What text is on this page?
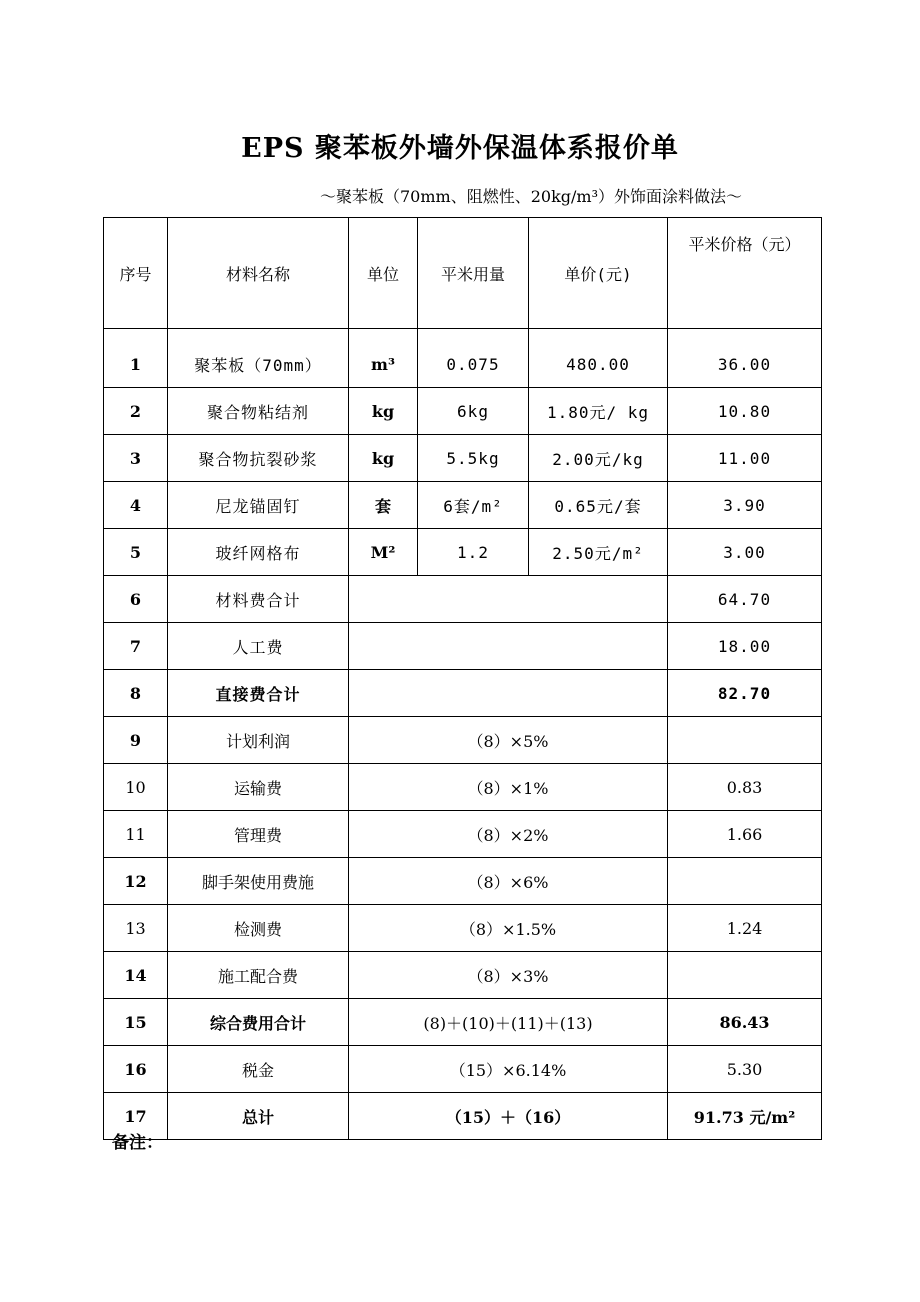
EPS 聚苯板外墙外保温体系报价单
～聚苯板（70mm、阻燃性、20kg/m³）外饰面涂料做法～
序号	材料名称	单位	平米用量	单价(元)	平米价格（元）
1	聚苯板（70mm）	m³	0.075	480.00	36.00
2	聚合物粘结剂	kg	6kg	1.80元/ kg	10.80
3	聚合物抗裂砂浆	kg	5.5kg	2.00元/kg	11.00
4	尼龙锚固钉	套	6套/m²	0.65元/套	3.90
5	玻纤网格布	M²	1.2	2.50元/m²	3.00
6	材料费合计				64.70
7	人工费				18.00
8	直接费合计				82.70
9	计划利润	（8）×5%			
10	运输费	（8）×1%			0.83
11	管理费	（8）×2%			1.66
12	脚手架使用费施	（8）×6%			
13	检测费	（8）×1.5%			1.24
14	施工配合费	（8）×3%			
15	综合费用合计	(8)＋(10)＋(11)＋(13)			86.43
16	税金	（15）×6.14%			5.30
17	总计	（15）＋（16）			91.73 元/m²
备注：
